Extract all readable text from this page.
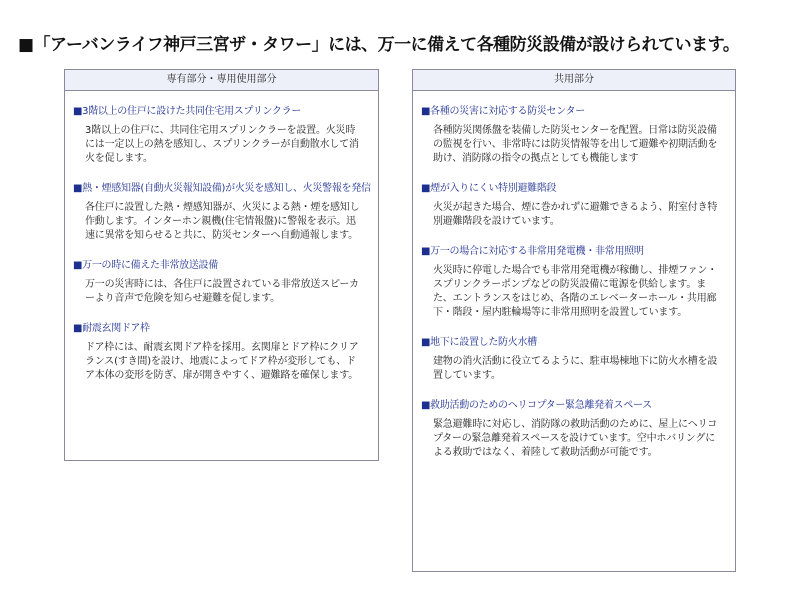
■「アーバンライフ神戸三宮ザ・タワー」には、万一に備えて各種防災設備が設けられています。
専有部分・専用使用部分
■3階以上の住戸に設けた共同住宅用スプリンクラー
3階以上の住戸に、共同住宅用スプリンクラーを設置。火災時には一定以上の熱を感知し、スプリンクラーが自動散水して消火を促します。
■熱・煙感知器(自動火災報知設備)が火災を感知し、火災警報を発信
各住戸に設置した熱・煙感知器が、火災による熱・煙を感知し作動します。インターホン親機(住宅情報盤)に警報を表示。迅速に異常を知らせると共に、防災センターへ自動通報します。
■万一の時に備えた非常放送設備
万一の災害時には、各住戸に設置されている非常放送スピーカーより音声で危険を知らせ避難を促します。
■耐震玄関ドア枠
ドア枠には、耐震玄関ドア枠を採用。玄関扉とドア枠にクリアランス(すき間)を設け、地震によってドア枠が変形しても、ドア本体の変形を防ぎ、扉が開きやすく、避難路を確保します。
共用部分
■各種の災害に対応する防災センター
各種防災関係盤を装備した防災センターを配置。日常は防災設備の監視を行い、非常時には防災情報等を出して避難や初期活動を助け、消防隊の指令の拠点としても機能します
■煙が入りにくい特別避難階段
火災が起きた場合、煙に巻かれずに避難できるよう、附室付き特別避難階段を設けています。
■万一の場合に対応する非常用発電機・非常用照明
火災時に停電した場合でも非常用発電機が稼働し、排煙ファン・スプリンクラーポンプなどの防災設備に電源を供給します。また、エントランスをはじめ、各階のエレベーターホール・共用廊下・階段・屋内駐輪場等に非常用照明を設置しています。
■地下に設置した防火水槽
建物の消火活動に役立てるように、駐車場棟地下に防火水槽を設置しています。
■救助活動のためのヘリコプター緊急離発着スペース
緊急避難時に対応し、消防隊の救助活動のために、屋上にヘリコプターの緊急離発着スペースを設けています。空中ホバリングによる救助ではなく、着陸して救助活動が可能です。
